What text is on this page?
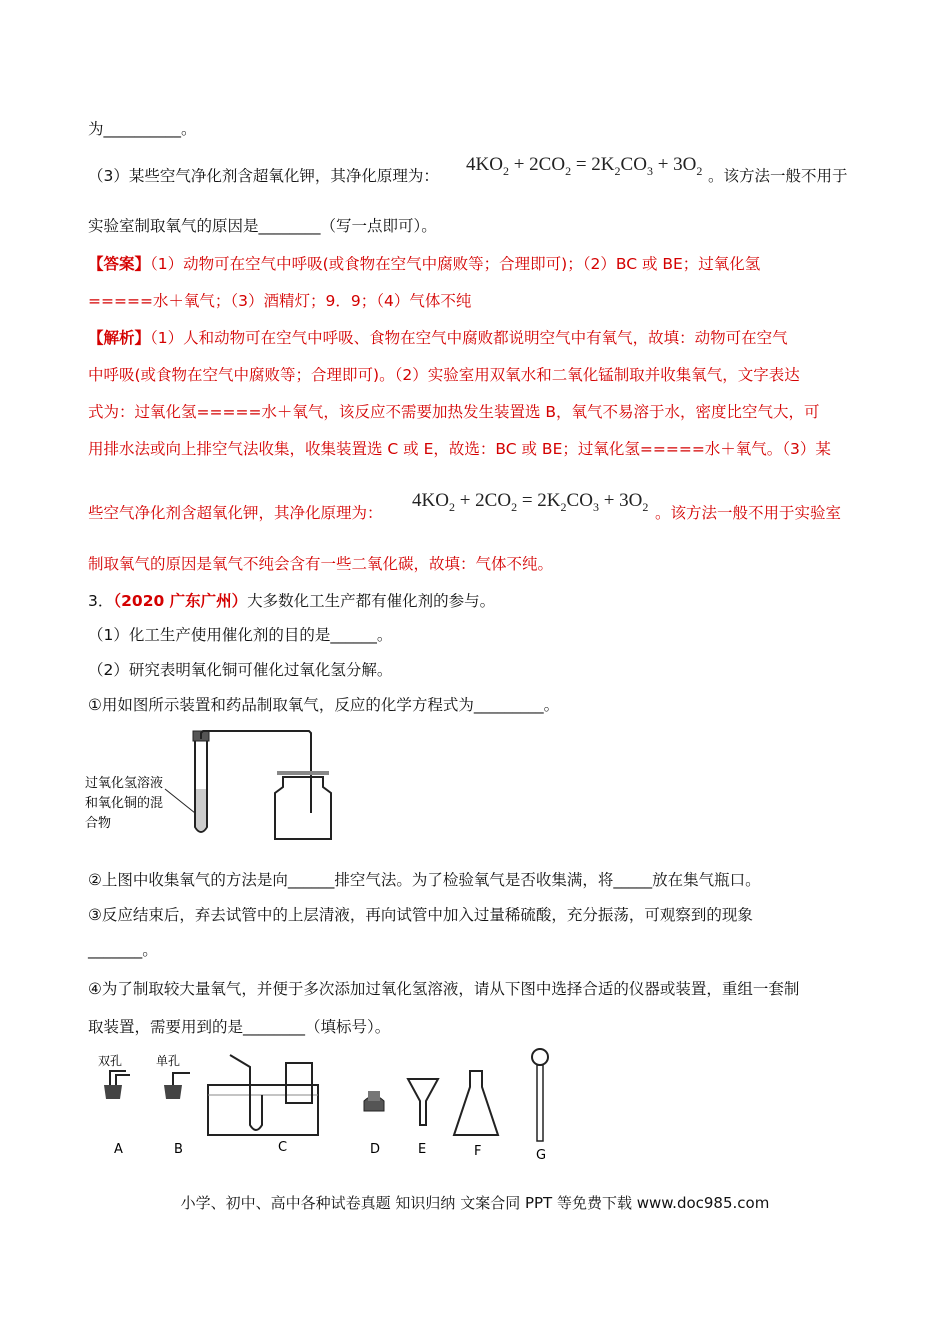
为__________。
（3）某些空气净化剂含超氧化钾，其净化原理为：
$4KO_2 + 2CO_2 = 2K_2CO_3 + 3O_2$ 。该方法一般不用于
实验室制取氧气的原因是________（写一点即可）。
【答案】（1）动物可在空气中呼吸(或食物在空气中腐败等；合理即可)；（2）BC 或 BE；过氧化氢
=====水＋氧气；（3）酒精灯；9．9；（4）气体不纯
【解析】（1）人和动物可在空气中呼吸、食物在空气中腐败都说明空气中有氧气，故填：动物可在空气
中呼吸(或食物在空气中腐败等；合理即可)。（2）实验室用双氧水和二氧化锰制取并收集氧气，文字表达
式为：过氧化氢=====水＋氧气，该反应不需要加热发生装置选 B，氧气不易溶于水，密度比空气大，可
用排水法或向上排空气法收集，收集装置选 C 或 E，故选：BC 或 BE；过氧化氢=====水＋氧气。（3）某
些空气净化剂含超氧化钾，其净化原理为：
$4KO_2 + 2CO_2 = 2K_2CO_3 + 3O_2$ 。该方法一般不用于实验室
制取氧气的原因是氧气不纯会含有一些二氧化碳，故填：气体不纯。
3．（2020 广东广州）大多数化工生产都有催化剂的参与。
（1）化工生产使用催化剂的目的是______。
（2）研究表明氧化铜可催化过氧化氢分解。
①用如图所示装置和药品制取氧气，反应的化学方程式为_________。
过氧化氢溶液
和氧化铜的混
合物
②上图中收集氧气的方法是向______排空气法。为了检验氧气是否收集满，将_____放在集气瓶口。
③反应结束后，弃去试管中的上层清液，再向试管中加入过量稀硫酸，充分振荡，可观察到的现象
_______。
④为了制取较大量氧气，并便于多次添加过氧化氢溶液，请从下图中选择合适的仪器或装置，重组一套制
取装置，需要用到的是________（填标号）。
双孔
A
单孔
B	C	D	E	F	G
小学、初中、高中各种试卷真题 知识归纳 文案合同 PPT 等免费下载 www.doc985.com
